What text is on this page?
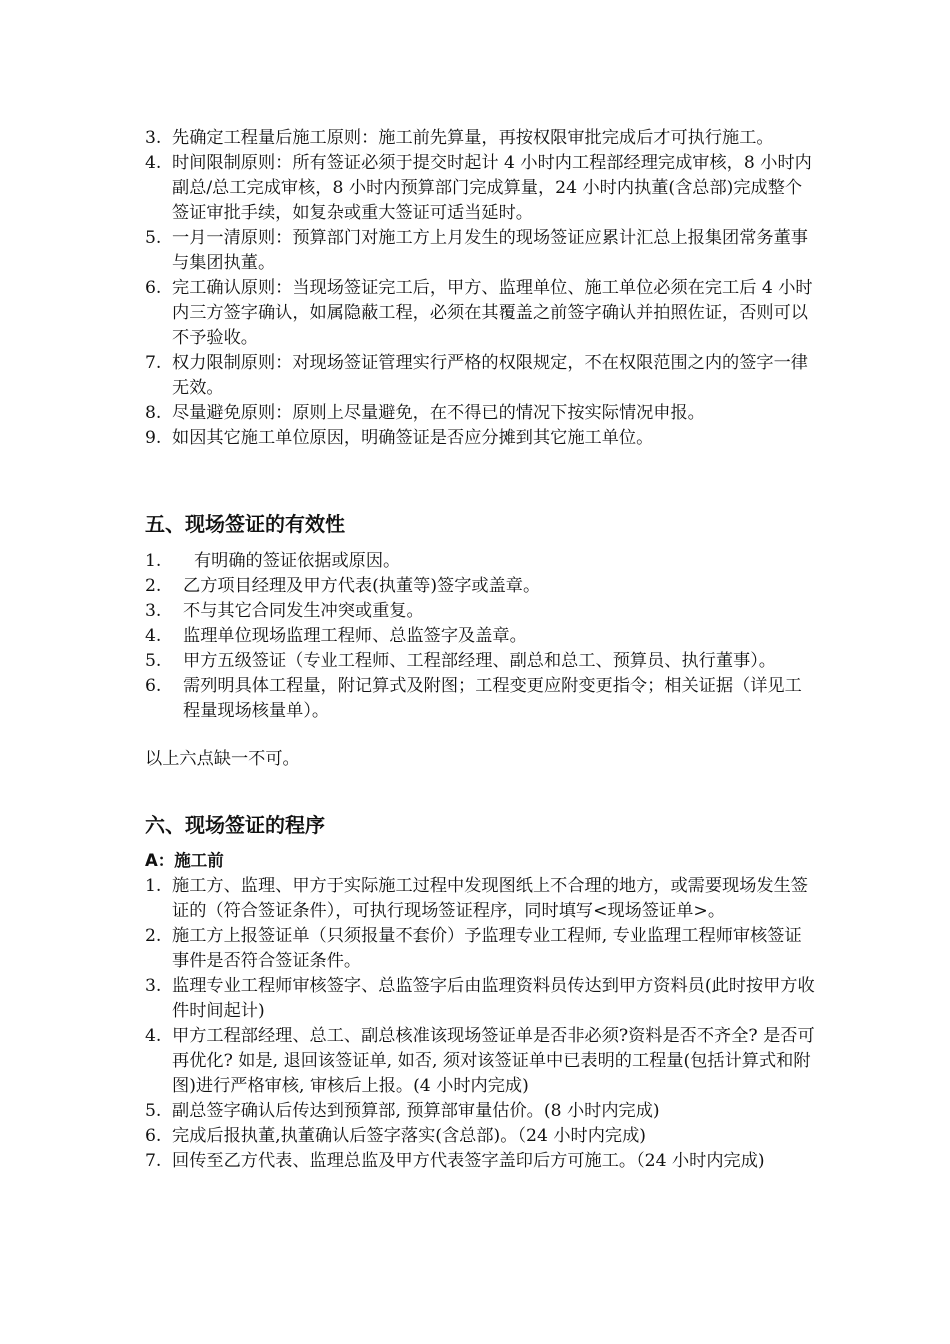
3. 先确定工程量后施工原则：施工前先算量，再按权限审批完成后才可执行施工。
4. 时间限制原则：所有签证必须于提交时起计 4 小时内工程部经理完成审核，8 小时内副总/总工完成审核，8 小时内预算部门完成算量，24 小时内执董(含总部)完成整个签证审批手续，如复杂或重大签证可适当延时。
5. 一月一清原则：预算部门对施工方上月发生的现场签证应累计汇总上报集团常务董事与集团执董。
6. 完工确认原则：当现场签证完工后，甲方、监理单位、施工单位必须在完工后 4 小时内三方签字确认，如属隐蔽工程，必须在其覆盖之前签字确认并拍照佐证，否则可以不予验收。
7. 权力限制原则：对现场签证管理实行严格的权限规定，不在权限范围之内的签字一律无效。
8. 尽量避免原则：原则上尽量避免，在不得已的情况下按实际情况申报。
9. 如因其它施工单位原因，明确签证是否应分摊到其它施工单位。
五、现场签证的有效性
1. 有明确的签证依据或原因。
2. 乙方项目经理及甲方代表(执董等)签字或盖章。
3. 不与其它合同发生冲突或重复。
4. 监理单位现场监理工程师、总监签字及盖章。
5. 甲方五级签证（专业工程师、工程部经理、副总和总工、预算员、执行董事）。
6. 需列明具体工程量，附记算式及附图；工程变更应附变更指令；相关证据（详见工程量现场核量单）。

以上六点缺一不可。

六、现场签证的程序
A：施工前
1. 施工方、监理、甲方于实际施工过程中发现图纸上不合理的地方，或需要现场发生签证的（符合签证条件），可执行现场签证程序，同时填写<现场签证单>。
2. 施工方上报签证单（只须报量不套价）予监理专业工程师, 专业监理工程师审核签证事件是否符合签证条件。
3. 监理专业工程师审核签字、总监签字后由监理资料员传达到甲方资料员(此时按甲方收件时间起计)
4. 甲方工程部经理、总工、副总核准该现场签证单是否非必须?资料是否不齐全? 是否可再优化? 如是, 退回该签证单, 如否, 须对该签证单中已表明的工程量(包括计算式和附图)进行严格审核, 审核后上报。(4 小时内完成)
5. 副总签字确认后传达到预算部, 预算部审量估价。(8 小时内完成)
6. 完成后报执董,执董确认后签字落实(含总部)。（24 小时内完成)
7. 回传至乙方代表、监理总监及甲方代表签字盖印后方可施工。（24 小时内完成)
